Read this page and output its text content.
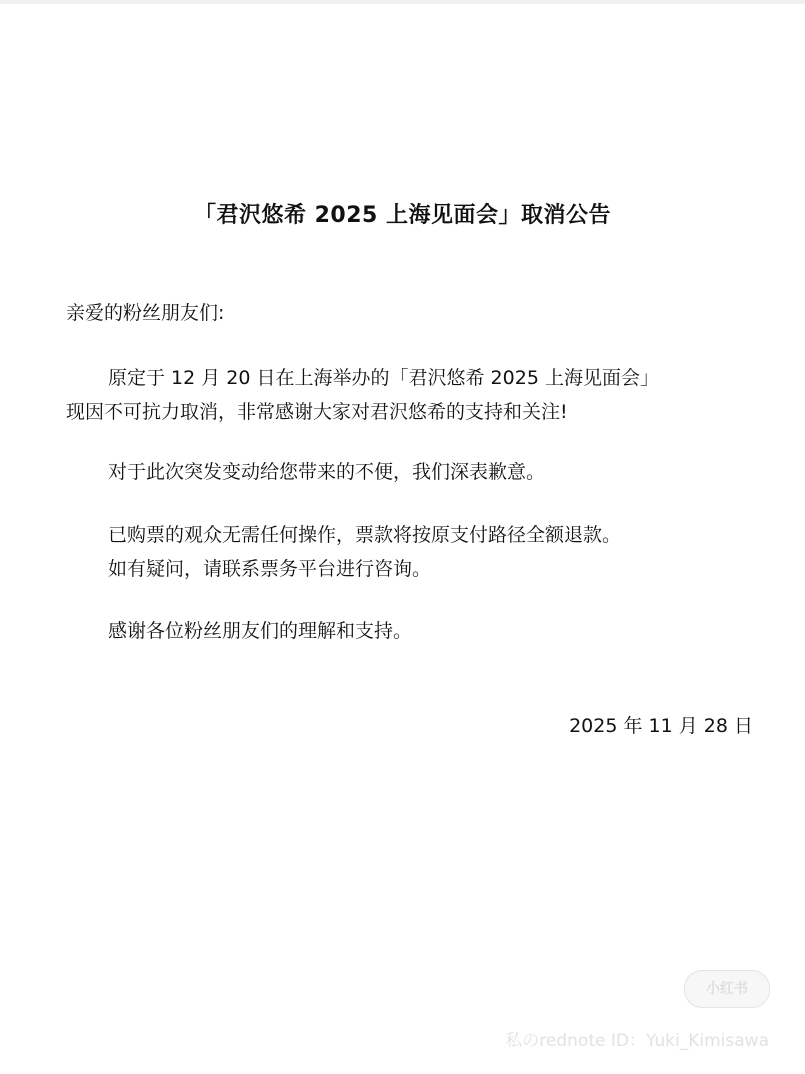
「君沢悠希 2025 上海见面会」取消公告
亲爱的粉丝朋友们:
原定于 12 月 20 日在上海举办的「君沢悠希 2025 上海见面会」
现因不可抗力取消，非常感谢大家对君沢悠希的支持和关注!
对于此次突发变动给您带来的不便，我们深表歉意。
已购票的观众无需任何操作，票款将按原支付路径全额退款。
如有疑问，请联系票务平台进行咨询。
感谢各位粉丝朋友们的理解和支持。
2025 年 11 月 28 日
小红书
私のrednote ID：Yuki_Kimisawa
